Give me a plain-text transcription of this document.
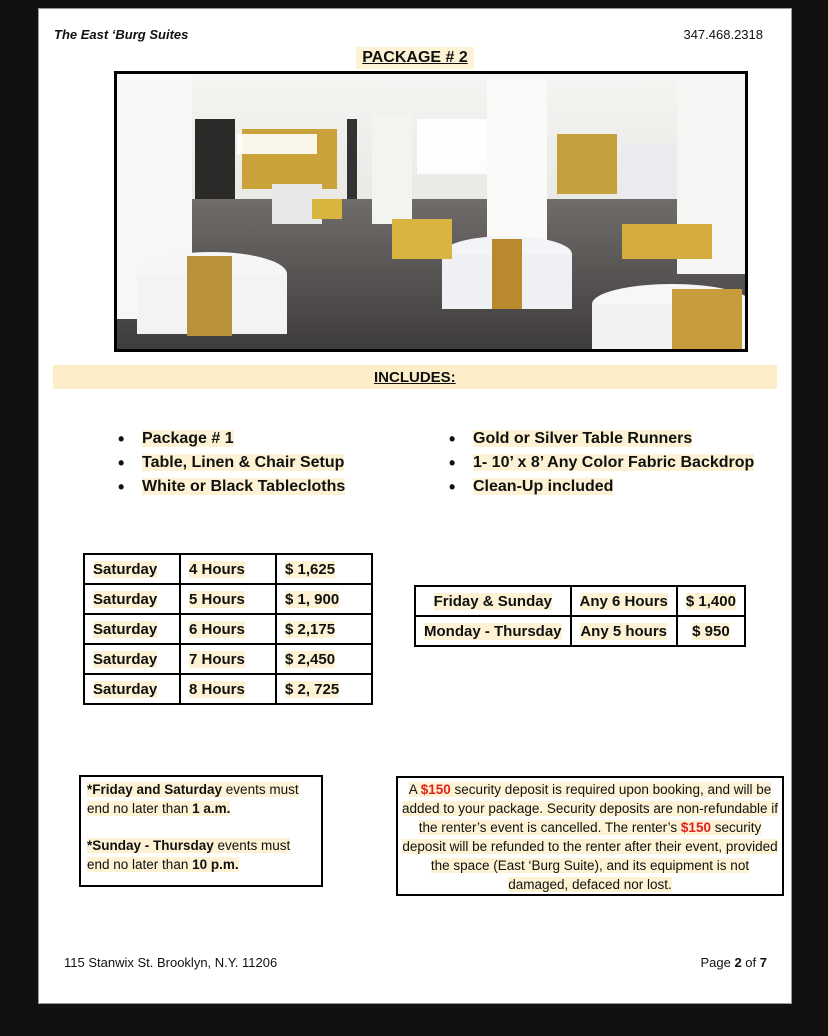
The East ‘Burg Suites	347.468.2318
PACKAGE # 2
INCLUDES:
• Package # 1
• Table, Linen & Chair Setup
• White or Black Tablecloths
• Gold or Silver Table Runners
• 1- 10’ x 8’ Any Color Fabric Backdrop
• Clean-Up included
Saturday	4 Hours	$ 1,625
Saturday	5 Hours	$ 1, 900
Saturday	6 Hours	$ 2,175
Saturday	7 Hours	$ 2,450
Saturday	8 Hours	$ 2, 725
Friday & Sunday	Any 6 Hours	$ 1,400
Monday - Thursday	Any 5 hours	$ 950

*Friday and Saturday events must end no later than 1 a.m.

*Sunday - Thursday events must end no later than 10 p.m.

A $150 security deposit is required upon booking, and will be added to your package. Security deposits are non-refundable if the renter’s event is cancelled. The renter’s $150 security deposit will be refunded to the renter after their event, provided the space (East ‘Burg Suite), and its equipment is not damaged, defaced nor lost.
115 Stanwix St. Brooklyn, N.Y. 11206	Page 2 of 7
